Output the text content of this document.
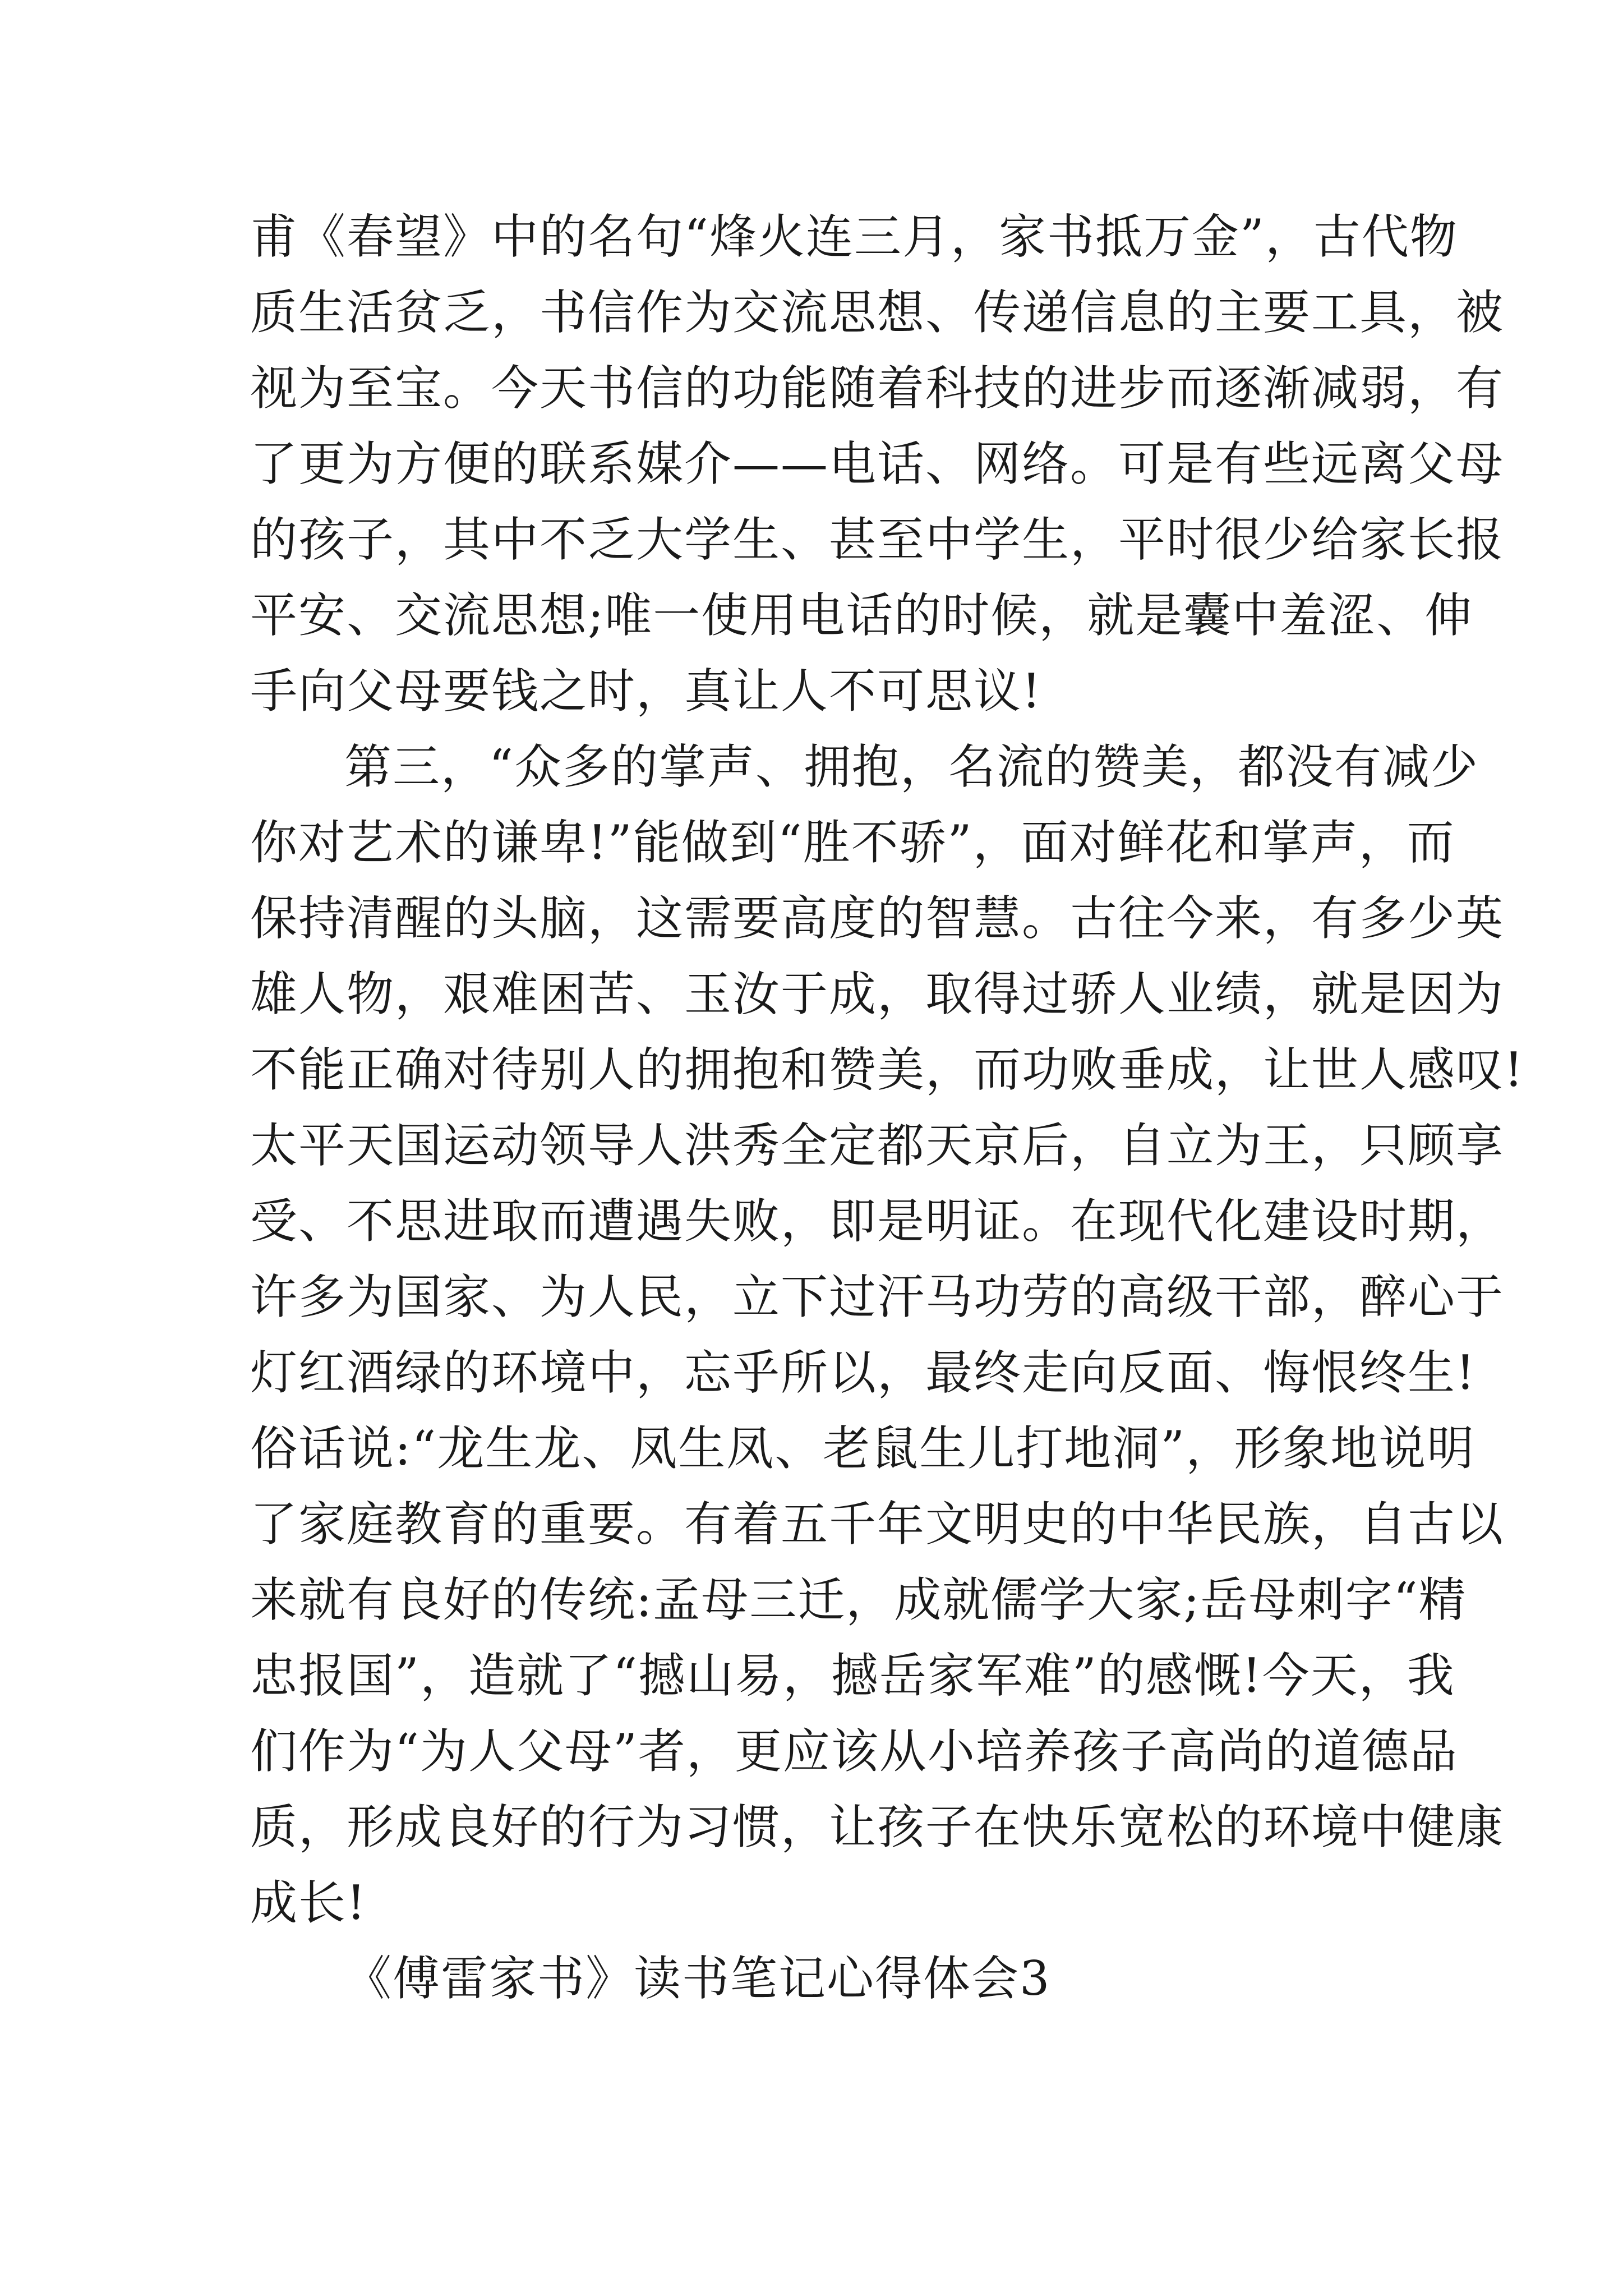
甫《春望》中的名句“烽火连三月，家书抵万金”，古代物
质生活贫乏，书信作为交流思想、传递信息的主要工具，被
视为至宝。今天书信的功能随着科技的进步而逐渐减弱，有
了更为方便的联系媒介——电话、网络。可是有些远离父母
的孩子，其中不乏大学生、甚至中学生，平时很少给家长报
平安、交流思想;唯一使用电话的时候，就是囊中羞涩、伸
手向父母要钱之时，真让人不可思议!
第三，“众多的掌声、拥抱，名流的赞美，都没有减少
你对艺术的谦卑!”能做到“胜不骄”，面对鲜花和掌声，而
保持清醒的头脑，这需要高度的智慧。古往今来，有多少英
雄人物，艰难困苦、玉汝于成，取得过骄人业绩，就是因为
不能正确对待别人的拥抱和赞美，而功败垂成，让世人感叹!
太平天国运动领导人洪秀全定都天京后，自立为王，只顾享
受、不思进取而遭遇失败，即是明证。在现代化建设时期，
许多为国家、为人民，立下过汗马功劳的高级干部，醉心于
灯红酒绿的环境中，忘乎所以，最终走向反面、悔恨终生!
俗话说:“龙生龙、凤生凤、老鼠生儿打地洞”，形象地说明
了家庭教育的重要。有着五千年文明史的中华民族，自古以
来就有良好的传统:孟母三迁，成就儒学大家;岳母刺字“精
忠报国”，造就了“撼山易，撼岳家军难”的感慨!今天，我
们作为“为人父母”者，更应该从小培养孩子高尚的道德品
质，形成良好的行为习惯，让孩子在快乐宽松的环境中健康
成长!
《傅雷家书》读书笔记心得体会3
